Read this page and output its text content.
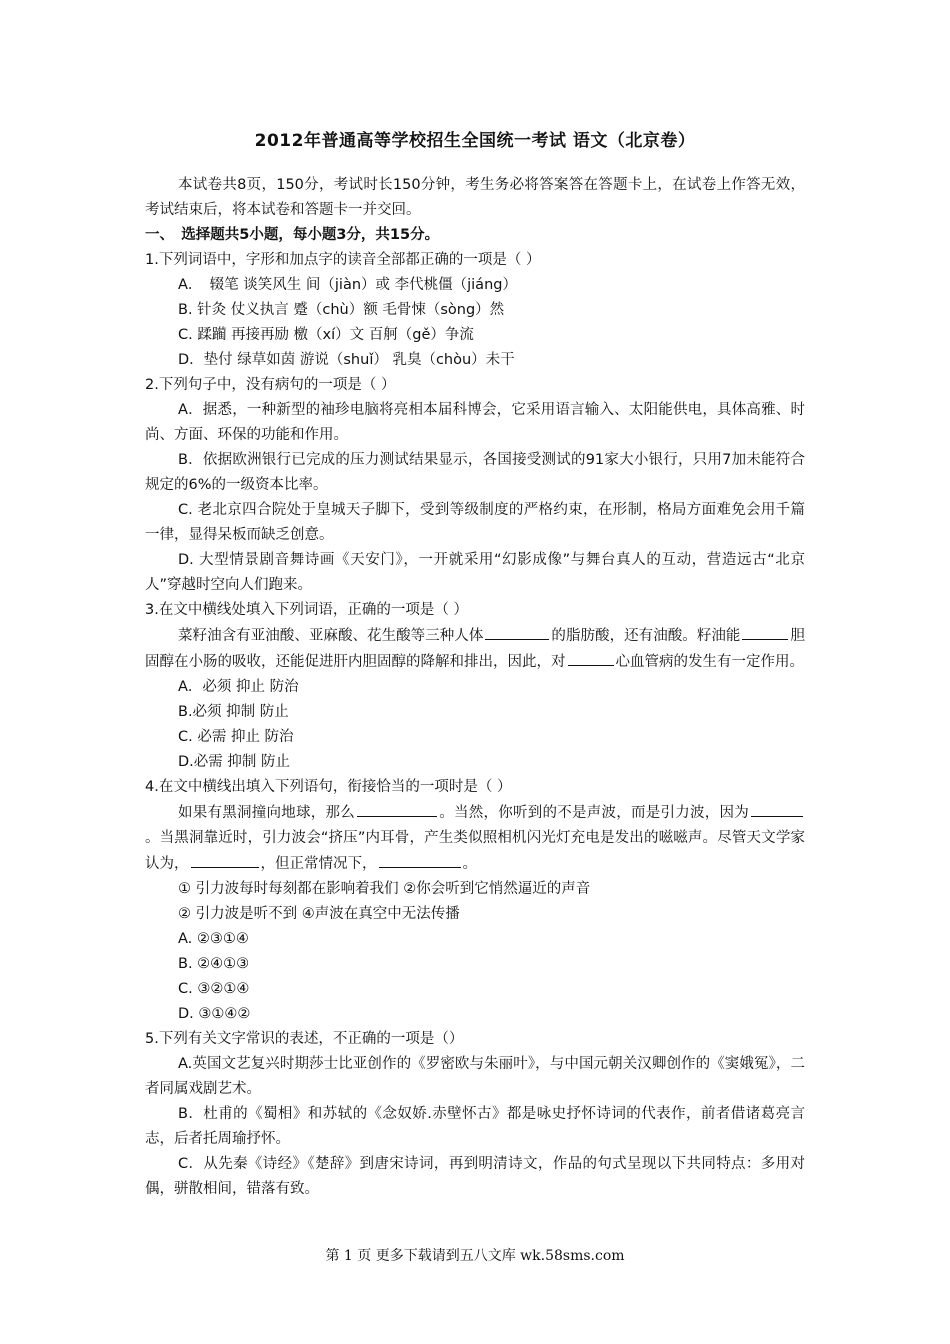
2012年普通高等学校招生全国统一考试 语文（北京卷）

本试卷共8页，150分，考试时长150分钟，考生务必将答案答在答题卡上，在试卷上作答无效，考试结束后，将本试卷和答题卡一并交回。

一、　选择题共5小题，每小题3分，共15分。

1.下列词语中，字形和加点字的读音全部都正确的一项是（ ）

A．　辍笔 谈笑风生 间（jiàn）或 李代桃僵（jiáng）

B. 针灸 仗义执言 蹙（chù）额 毛骨悚（sòng）然

C. 蹂躏 再接再励 檄（xí）文 百舸（gě）争流

D．垫付 绿草如茵 游说（shuǐ） 乳臭（chòu）未干

2.下列句子中，没有病句的一项是（ ）

A．据悉，一种新型的袖珍电脑将亮相本届科博会，它采用语言输入、太阳能供电，具体高雅、时尚、方面、环保的功能和作用。

B．依据欧洲银行已完成的压力测试结果显示，各国接受测试的91家大小银行，只用7加未能符合规定的6%的一级资本比率。

C. 老北京四合院处于皇城天子脚下，受到等级制度的严格约束，在形制，格局方面难免会用千篇一律，显得呆板而缺乏创意。

D. 大型情景剧音舞诗画《天安门》，一开就采用“幻影成像”与舞台真人的互动，营造远古“北京人”穿越时空向人们跑来。

3.在文中横线处填入下列词语，正确的一项是（ ）

菜籽油含有亚油酸、亚麻酸、花生酸等三种人体	的脂肪酸，还有油酸。籽油能	胆固醇在小肠的吸收，还能促进肝内胆固醇的降解和排出，因此，对	心血管病的发生有一定作用。

A．必须 抑止 防治

B.必须 抑制 防止

C. 必需 抑止 防治

D.必需 抑制 防止

4.在文中横线出填入下列语句，衔接恰当的一项时是（ ）

如果有黑洞撞向地球，那么	。当然，你听到的不是声波，而是引力波，因为。当黑洞靠近时，引力波会“挤压”内耳骨，产生类似照相机闪光灯充电是发出的嗞嗞声。尽管天文学家认为，	，但正常情况下，	。

① 引力波每时每刻都在影响着我们 ②你会听到它悄然逼近的声音

② 引力波是听不到 ④声波在真空中无法传播

A. ②③①④

B. ②④①③

C. ③②①④

D. ③①④②

5.下列有关文字常识的表述，不正确的一项是（）

A.英国文艺复兴时期莎士比亚创作的《罗密欧与朱丽叶》，与中国元朝关汉卿创作的《窦娥冤》，二者同属戏剧艺术。

B．杜甫的《蜀相》和苏轼的《念奴娇.赤壁怀古》都是咏史抒怀诗词的代表作，前者借诸葛亮言志，后者托周瑜抒怀。

C．从先秦《诗经》《楚辞》到唐宋诗词，再到明清诗文，作品的句式呈现以下共同特点：多用对偶，骈散相间，错落有致。

第 1 页 更多下载请到五八文库 wk.58sms.com
